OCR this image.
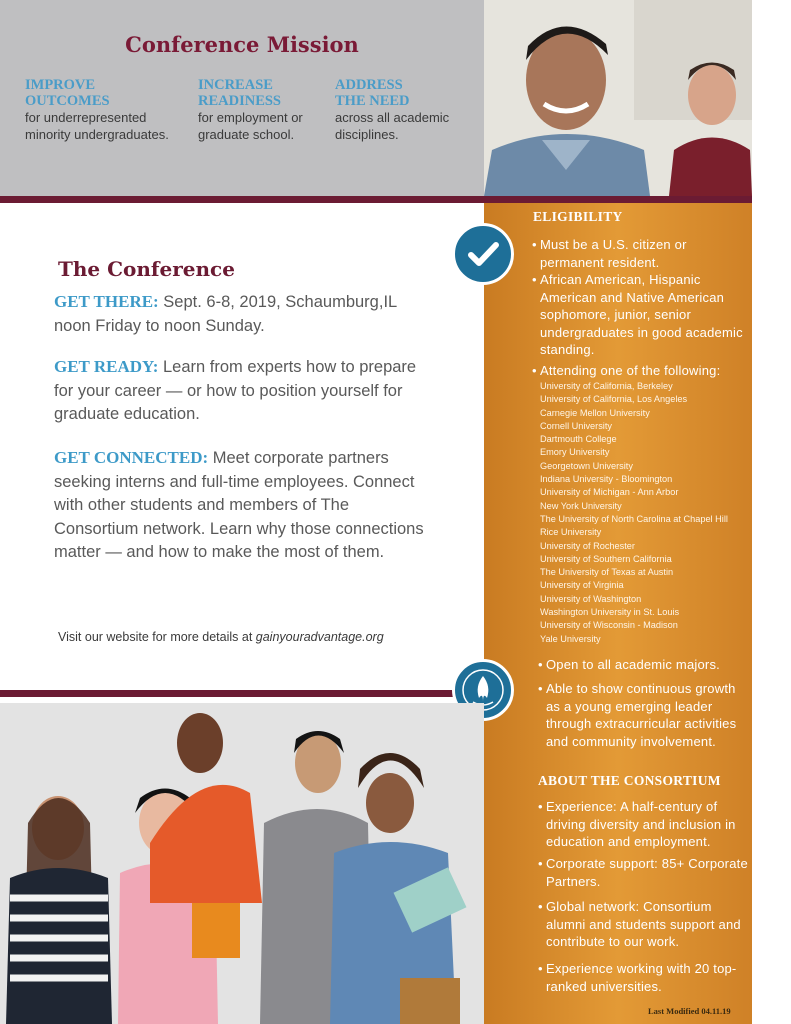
Conference Mission
IMPROVE
OUTCOMES
for underrepresented
minority undergraduates.
INCREASE
READINESS
for employment or
graduate school.
ADDRESS
THE NEED
across all academic
disciplines.
ELIGIBILITY
• Must be a U.S. citizen or permanent resident.
• African American, Hispanic American and Native American sophomore, junior, senior undergraduates in good academic standing.
• Attending one of the following:
University of California, Berkeley
University of California, Los Angeles
Carnegie Mellon University
Cornell University
Dartmouth College
Emory University
Georgetown University
Indiana University - Bloomington
University of Michigan - Ann Arbor
New York University
The University of North Carolina at Chapel Hill
Rice University
University of Rochester
University of Southern California
The University of Texas at Austin
University of Virginia
University of Washington
Washington University in St. Louis
University of Wisconsin - Madison
Yale University
• Open to all academic majors.
• Able to show continuous growth as a young emerging leader through extracurricular activities and community involvement.
ABOUT THE CONSORTIUM
• Experience: A half-century of driving diversity and inclusion in education and employment.
• Corporate support: 85+ Corporate Partners.
• Global network: Consortium alumni and students support and contribute to our work.
• Experience working with 20 top-ranked universities.
The Conference
GET THERE: Sept. 6-8, 2019, Schaumburg,IL noon Friday to noon Sunday.
GET READY: Learn from experts how to prepare for your career — or how to position yourself for graduate education.
GET CONNECTED: Meet corporate partners seeking interns and full-time employees. Connect with other students and members of The Consortium network. Learn why those connections matter — and how to make the most of them.
Visit our website for more details at gainyouradvantage.org
Last Modified 04.11.19
